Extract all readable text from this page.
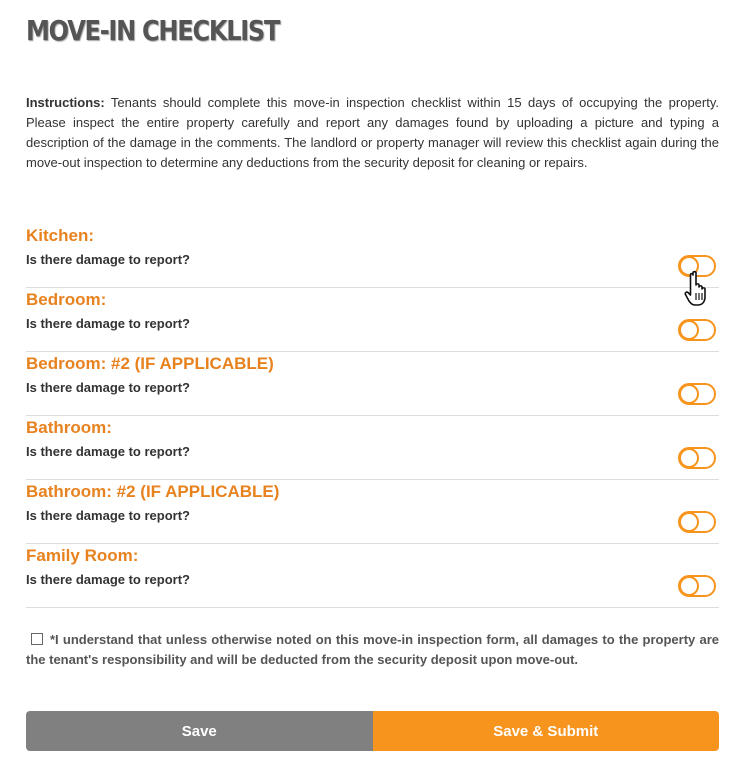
MOVE-IN CHECKLIST

Instructions: Tenants should complete this move-in inspection checklist within 15 days of occupying the property. Please inspect the entire property carefully and report any damages found by uploading a picture and typing a description of the damage in the comments. The landlord or property manager will review this checklist again during the move-out inspection to determine any deductions from the security deposit for cleaning or repairs.

Kitchen:
Is there damage to report?
Bedroom:
Is there damage to report?
Bedroom: #2 (IF APPLICABLE)
Is there damage to report?
Bathroom:
Is there damage to report?
Bathroom: #2 (IF APPLICABLE)
Is there damage to report?
Family Room:
Is there damage to report?

*I understand that unless otherwise noted on this move-in inspection form, all damages to the property are the tenant's responsibility and will be deducted from the security deposit upon move-out.

Save	Save & Submit
